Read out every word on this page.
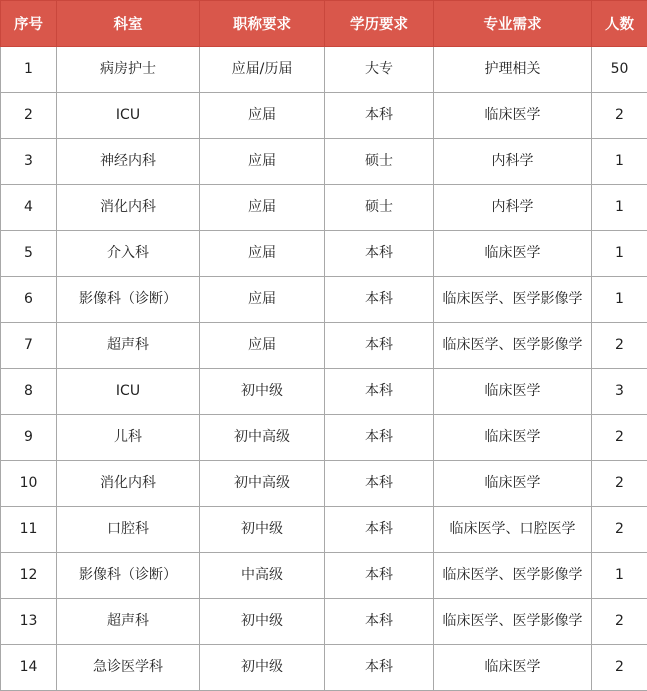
序号	科室	职称要求	学历要求	专业需求	人数
1	病房护士	应届/历届	大专	护理相关	50
2	ICU	应届	本科	临床医学	2
3	神经内科	应届	硕士	内科学	1
4	消化内科	应届	硕士	内科学	1
5	介入科	应届	本科	临床医学	1
6	影像科（诊断）	应届	本科	临床医学、医学影像学	1
7	超声科	应届	本科	临床医学、医学影像学	2
8	ICU	初中级	本科	临床医学	3
9	儿科	初中高级	本科	临床医学	2
10	消化内科	初中高级	本科	临床医学	2
11	口腔科	初中级	本科	临床医学、口腔医学	2
12	影像科（诊断）	中高级	本科	临床医学、医学影像学	1
13	超声科	初中级	本科	临床医学、医学影像学	2
14	急诊医学科	初中级	本科	临床医学	2
